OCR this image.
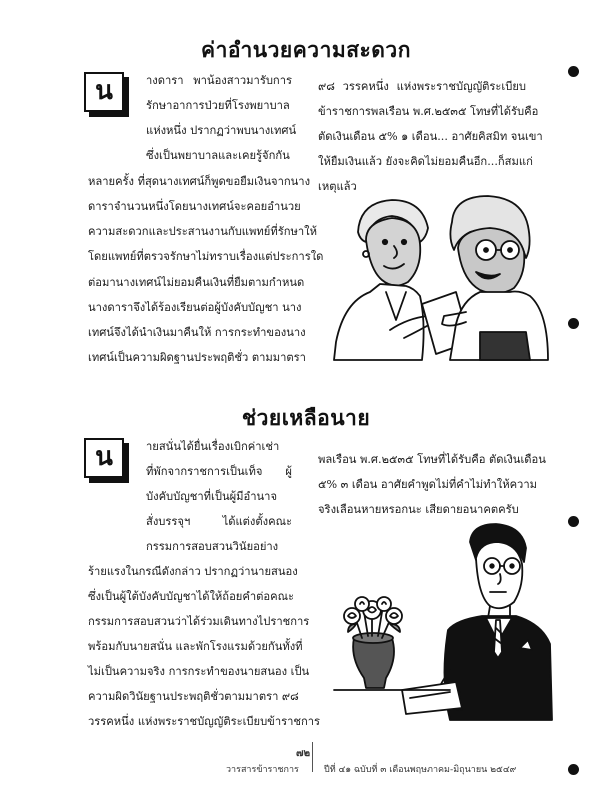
ค่าอำนวยความสะดวก
น	างดารา พาน้องสาวมารับการ
รักษาอาการป่วยที่โรงพยาบาล
แห่งหนึ่ง ปรากฏว่าพบนางเทศน์
ซึ่งเป็นพยาบาลและเคยรู้จักกัน
หลายครั้ง ที่สุดนางเทศน์ก็พูดขอยืมเงินจากนาง
ดาราจำนวนหนึ่งโดยนางเทศน์จะคอยอำนวย
ความสะดวกและประสานงานกับแพทย์ที่รักษาให้
โดยแพทย์ที่ตรวจรักษาไม่ทราบเรื่องแต่ประการใด
ต่อมานางเทศน์ไม่ยอมคืนเงินที่ยืมตามกำหนด
นางดาราจึงได้ร้องเรียนต่อผู้บังคับบัญชา นาง
เทศน์จึงได้นำเงินมาคืนให้ การกระทำของนาง
เทศน์เป็นความผิดฐานประพฤติชั่ว ตามมาตรา
๙๘ วรรคหนึ่ง แห่งพระราชบัญญัติระเบียบ
ข้าราชการพลเรือน พ.ศ.๒๕๓๕ โทษที่ได้รับคือ
ตัดเงินเดือน ๕% ๑ เดือน... อาศัยคิสมิท จนเขา
ให้ยืมเงินแล้ว ยังจะคิดไม่ยอมคืนอีก...ก็สมแก่
เหตุแล้ว
ช่วยเหลือนาย
น	ายสนั่นได้ยื่นเรื่องเบิกค่าเช่า
ที่พักจากราชการเป็นเท็จ ผู้
บังคับบัญชาที่เป็นผู้มีอำนาจ
สั่งบรรจุฯ ได้แต่งตั้งคณะ
กรรมการสอบสวนวินัยอย่าง
ร้ายแรงในกรณีดังกล่าว ปรากฏว่านายสนอง
ซึ่งเป็นผู้ใต้บังคับบัญชาได้ให้ถ้อยคำต่อคณะ
กรรมการสอบสวนว่าได้ร่วมเดินทางไปราชการ
พร้อมกับนายสนั่น และพักโรงแรมด้วยกันทั้งที่
ไม่เป็นความจริง การกระทำของนายสนอง เป็น
ความผิดวินัยฐานประพฤติชั่วตามมาตรา ๙๘
วรรคหนึ่ง แห่งพระราชบัญญัติระเบียบข้าราชการ
พลเรือน พ.ศ.๒๕๓๕ โทษที่ได้รับคือ ตัดเงินเดือน
๕% ๓ เดือน อาศัยคำพูดไม่ที่คำไม่ทำให้ความ
จริงเลือนหายหรอกนะ เสียดายอนาคตครับ
๗๒
วารสารข้าราชการ	ปีที่ ๔๑ ฉบับที่ ๓ เดือนพฤษภาคม-มิถุนายน ๒๕๔๙
